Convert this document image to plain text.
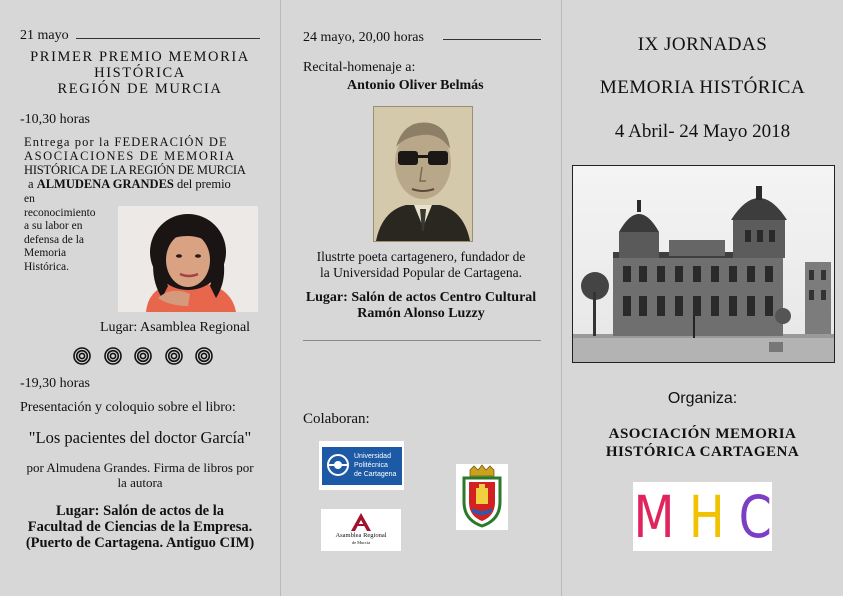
21 mayo
PRIMER PREMIO MEMORIA
HISTÓRICA
REGIÓN DE MURCIA
-10,30 horas
Entrega por la FEDERACIÓN DE
ASOCIACIONES DE MEMORIA
HISTÓRICA DE LA REGIÓN DE MURCIA
a ALMUDENA GRANDES del premio
en
reconocimiento
a su labor en
defensa de la
Memoria
Histórica.
Lugar: Asamblea Regional
-19,30 horas
Presentación y coloquio sobre el libro:
"Los pacientes del doctor García"
por Almudena Grandes. Firma de libros por
la autora
Lugar: Salón de actos de la
Facultad de Ciencias de la Empresa.
(Puerto de Cartagena. Antiguo CIM)
24 mayo, 20,00 horas
Recital-homenaje a:
Antonio Oliver Belmás
Ilustrte poeta cartagenero, fundador de
la Universidad Popular de Cartagena.
Lugar: Salón de actos Centro Cultural
Ramón Alonso Luzzy
Colaboran:
Universidad
Politécnica
de Cartagena
Asamblea Regional
de Murcia
IX JORNADAS
MEMORIA HISTÓRICA
4 Abril- 24 Mayo 2018
Organiza:
ASOCIACIÓN MEMORIA
HISTÓRICA CARTAGENA
M H C
